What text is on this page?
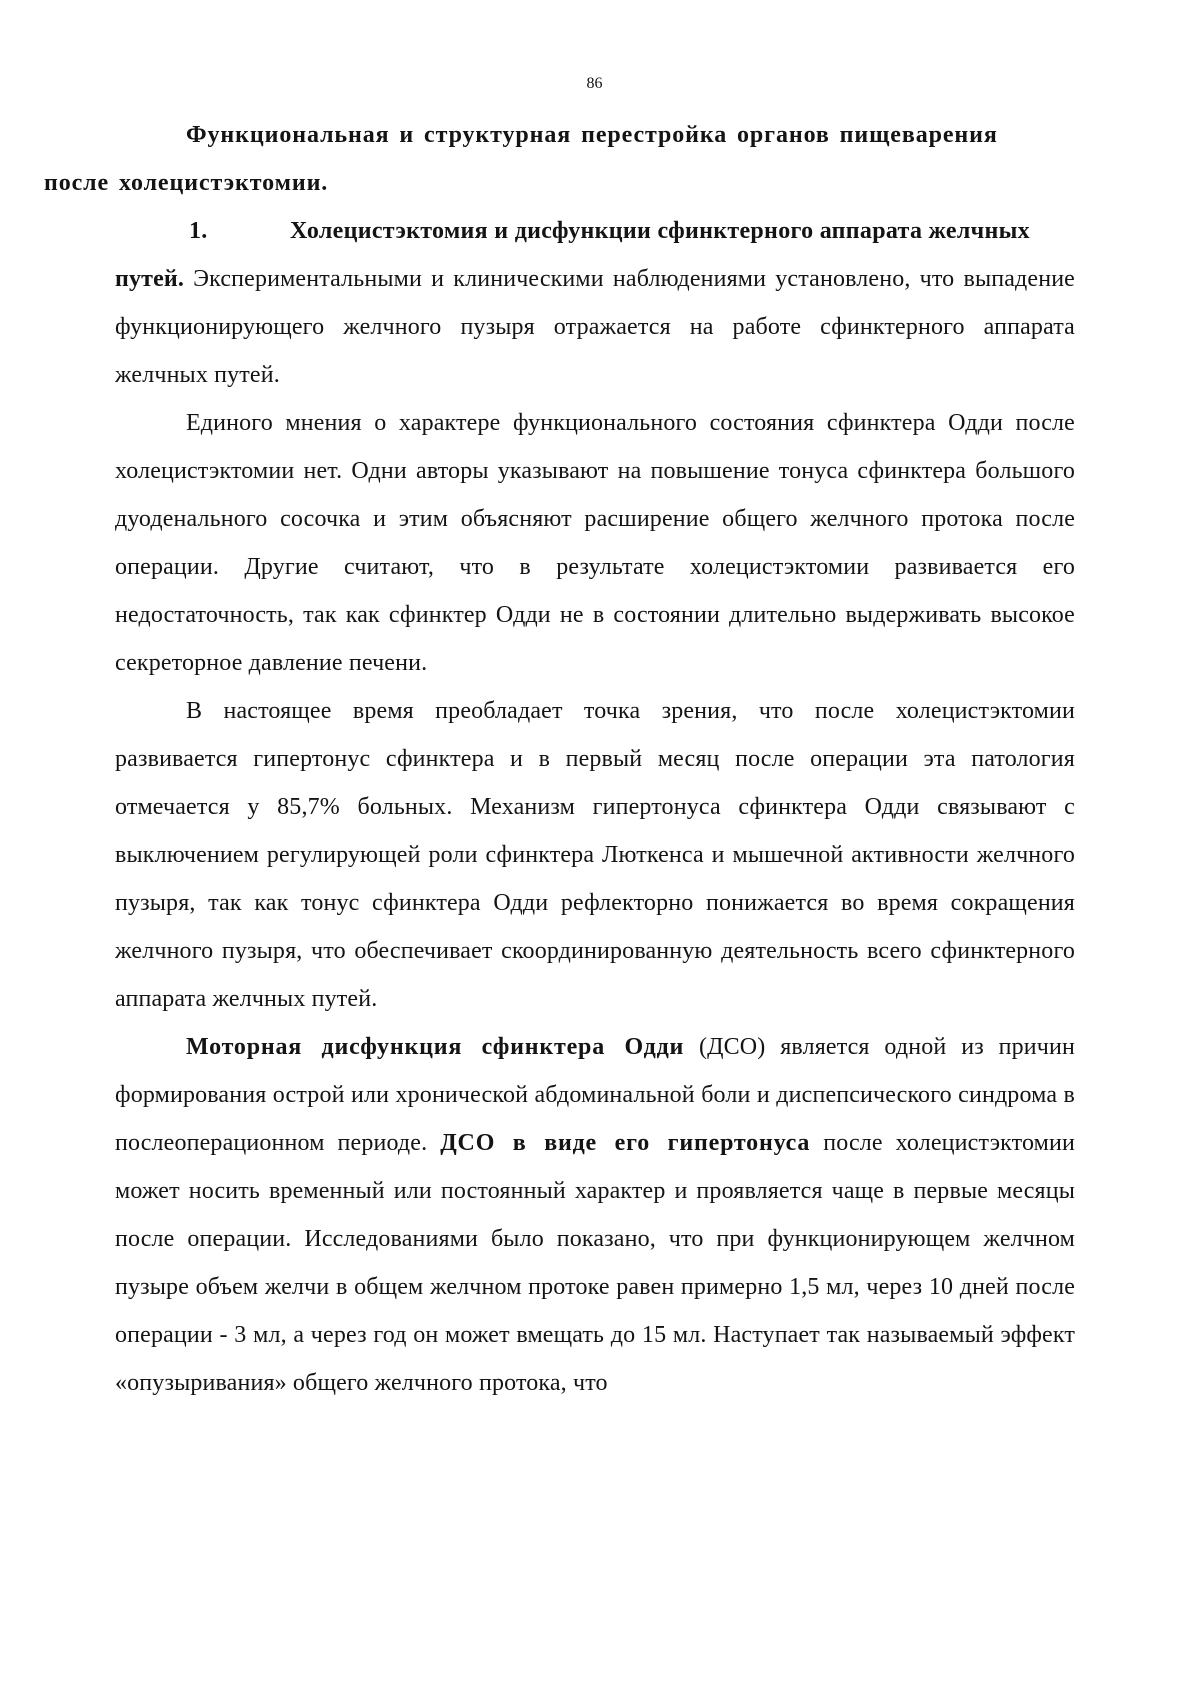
86

Функциональная и структурная перестройка органов пищеварения
после холецистэктомии.

1.	Холецистэктомия и дисфункции сфинктерного аппарата желчных

путей. Экспериментальными и клиническими наблюдениями установлено, что выпадение функционирующего желчного пузыря отражается на работе сфинктерного аппарата желчных путей.

Единого мнения о характере функционального состояния сфинктера Одди после холецистэктомии нет. Одни авторы указывают на повышение тонуса сфинктера большого дуоденального сосочка и этим объясняют расширение общего желчного протока после операции. Другие считают, что в результате холецистэктомии развивается его недостаточность, так как сфинктер Одди не в состоянии длительно выдерживать высокое секреторное давление печени.

В настоящее время преобладает точка зрения, что после холецистэктомии развивается гипертонус сфинктера и в первый месяц после операции эта патология отмечается у 85,7% больных. Механизм гипертонуса сфинктера Одди связывают с выключением регулирующей роли сфинктера Люткенса и мышечной активности желчного пузыря, так как тонус сфинктера Одди рефлекторно понижается во время сокращения желчного пузыря, что обеспечивает скоординированную деятельность всего сфинктерного аппарата желчных путей.

Моторная дисфункция сфинктера Одди (ДСО) является одной из причин формирования острой или хронической абдоминальной боли и диспепсического синдрома в послеоперационном периоде. ДСО в виде его гипертонуса после холецистэктомии может носить временный или постоянный характер и проявляется чаще в первые месяцы после операции. Исследованиями было показано, что при функционирующем желчном пузыре объем желчи в общем желчном протоке равен примерно 1,5 мл, через 10 дней после операции - 3 мл, а через год он может вмещать до 15 мл. Наступает так называемый эффект «опузыривания» общего желчного протока, что
